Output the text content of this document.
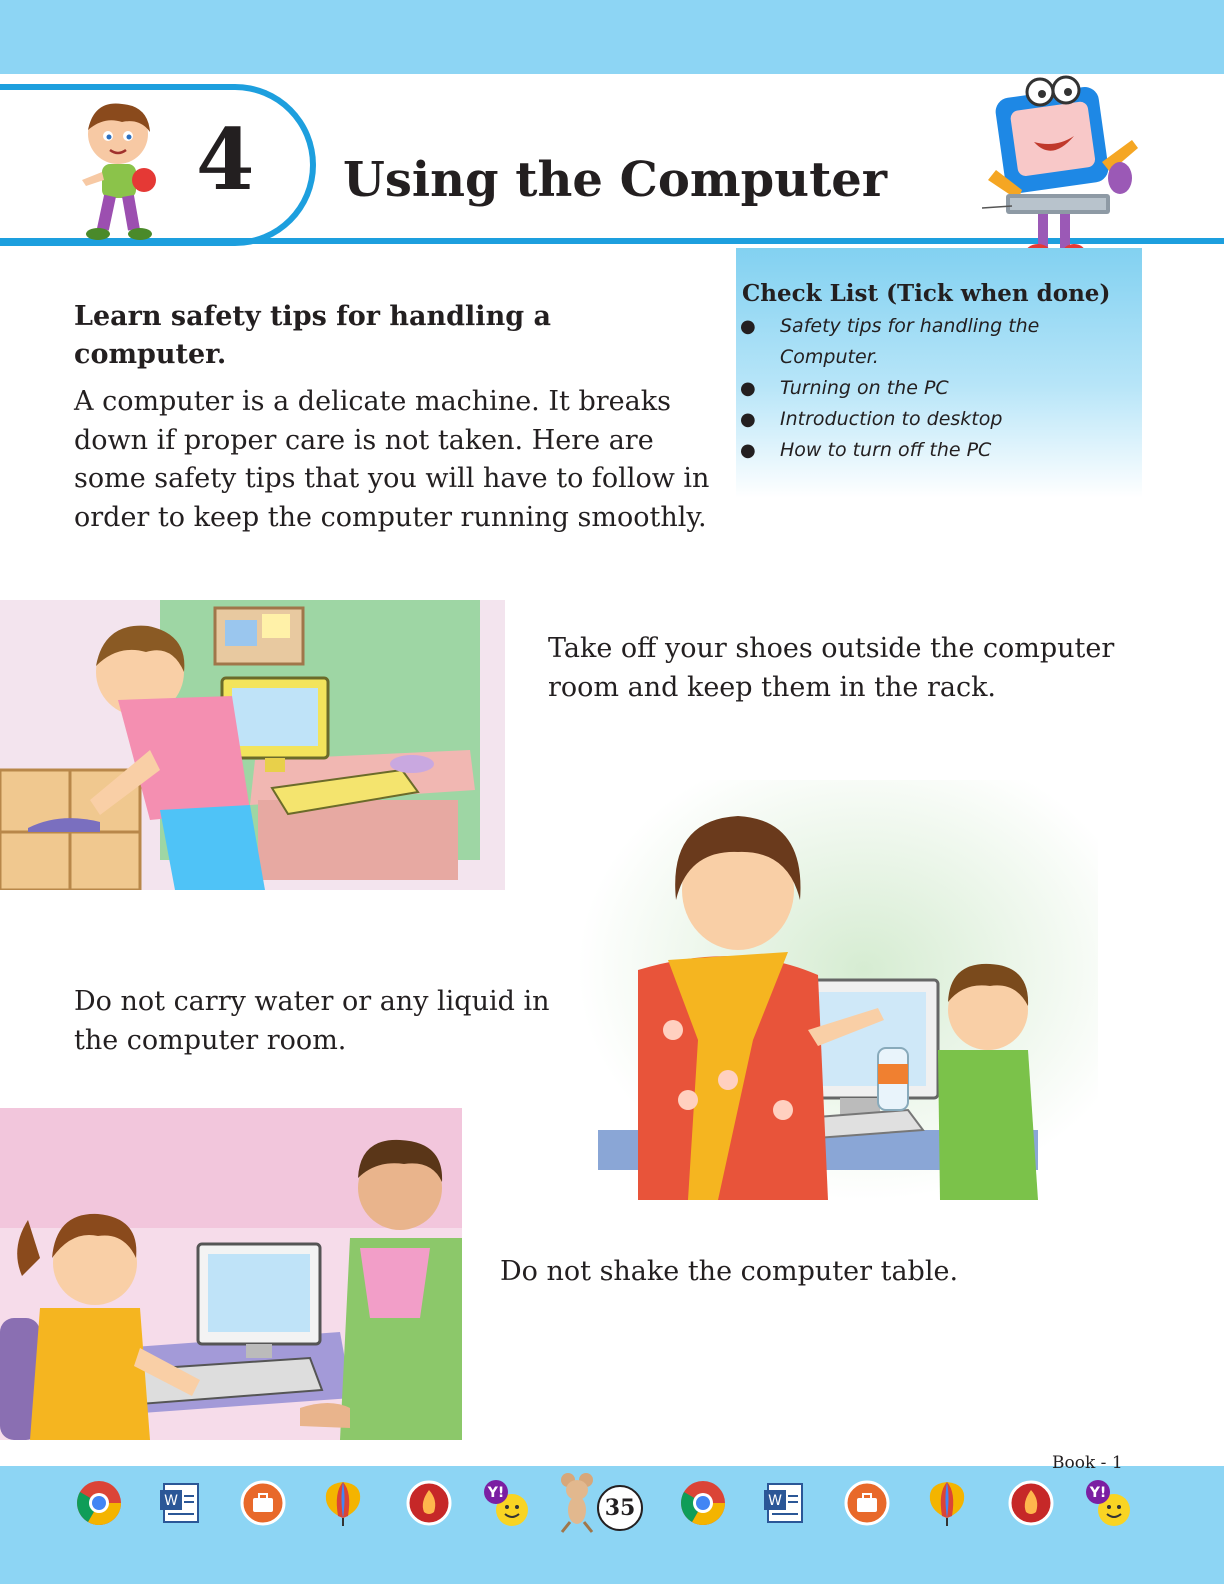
4 Using the Computer
Check List (Tick when done)
● Safety tips for handling the Computer.
● Turning on the PC
● Introduction to desktop
● How to turn off the PC
Learn safety tips for handling a computer.
A computer is a delicate machine. It breaks down if proper care is not taken. Here are some safety tips that you will have to follow in order to keep the computer running smoothly.
Take off your shoes outside the computer room and keep them in the rack.
Do not carry water or any liquid in the computer room.
Do not shake the computer table.
Book - 1
W	Y!
35	W	Y!
